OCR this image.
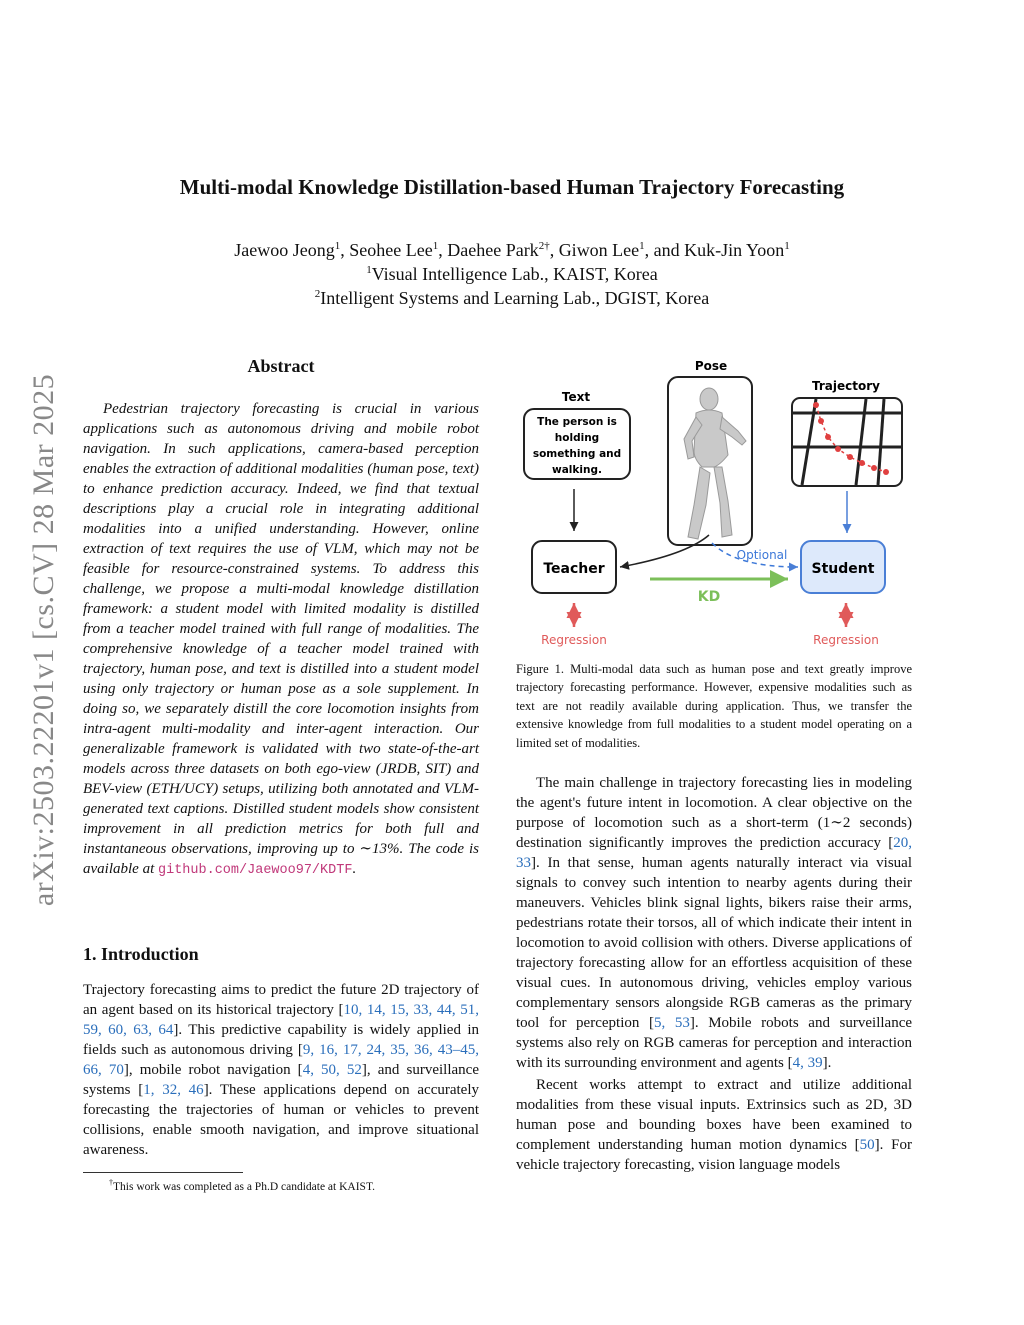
arXiv:2503.22201v1 [cs.CV] 28 Mar 2025
Multi-modal Knowledge Distillation-based Human Trajectory Forecasting
Jaewoo Jeong$^1$, Seohee Lee$^1$, Daehee Park$^{2\dagger}$, Giwon Lee$^1$, and Kuk-Jin Yoon$^1$
$^1$Visual Intelligence Lab., KAIST, Korea
$^2$Intelligent Systems and Learning Lab., DGIST, Korea
Abstract
Pedestrian trajectory forecasting is crucial in various applications such as autonomous driving and mobile robot navigation. In such applications, camera-based perception enables the extraction of additional modalities (human pose, text) to enhance prediction accuracy. Indeed, we find that textual descriptions play a crucial role in integrating additional modalities into a unified understanding. However, online extraction of text requires the use of VLM, which may not be feasible for resource-constrained systems. To address this challenge, we propose a multi-modal knowledge distillation framework: a student model with limited modality is distilled from a teacher model trained with full range of modalities. The comprehensive knowledge of a teacher model trained with trajectory, human pose, and text is distilled into a student model using only trajectory or human pose as a sole supplement. In doing so, we separately distill the core locomotion insights from intra-agent multi-modality and inter-agent interaction. Our generalizable framework is validated with two state-of-the-art models across three datasets on both ego-view (JRDB, SIT) and BEV-view (ETH/UCY) setups, utilizing both annotated and VLM-generated text captions. Distilled student models show consistent improvement in all prediction metrics for both full and instantaneous observations, improving up to ∼13%. The code is available at github.com/Jaewoo97/KDTF.
1. Introduction
Trajectory forecasting aims to predict the future 2D trajectory of an agent based on its historical trajectory [10, 14, 15, 33, 44, 51, 59, 60, 63, 64]. This predictive capability is widely applied in fields such as autonomous driving [9, 16, 17, 24, 35, 36, 43–45, 66, 70], mobile robot navigation [4, 50, 52], and surveillance systems [1, 32, 46]. These applications depend on accurately forecasting the trajectories of human or vehicles to prevent collisions, enable smooth navigation, and improve situational awareness.
†This work was completed as a Ph.D candidate at KAIST.
Text
The person is
holding
something and
walking.
Pose
Trajectory
Teacher	Student
Optional
KD
Regression	Regression
Figure 1. Multi-modal data such as human pose and text greatly improve trajectory forecasting performance. However, expensive modalities such as text are not readily available during application. Thus, we transfer the extensive knowledge from full modalities to a student model operating on a limited set of modalities.

The main challenge in trajectory forecasting lies in modeling the agent's future intent in locomotion. A clear objective on the purpose of locomotion such as a short-term (1∼2 seconds) destination significantly improves the prediction accuracy [20, 33]. In that sense, human agents naturally interact via visual signals to convey such intention to nearby agents during their maneuvers. Vehicles blink signal lights, bikers raise their arms, pedestrians rotate their torsos, all of which indicate their intent in locomotion to avoid collision with others. Diverse applications of trajectory forecasting allow for an effortless acquisition of these visual cues. In autonomous driving, vehicles employ various complementary sensors alongside RGB cameras as the primary tool for perception [5, 53]. Mobile robots and surveillance systems also rely on RGB cameras for perception and interaction with its surrounding environment and agents [4, 39].

Recent works attempt to extract and utilize additional modalities from these visual inputs. Extrinsics such as 2D, 3D human pose and bounding boxes have been examined to complement understanding human motion dynamics [50]. For vehicle trajectory forecasting, vision language models
